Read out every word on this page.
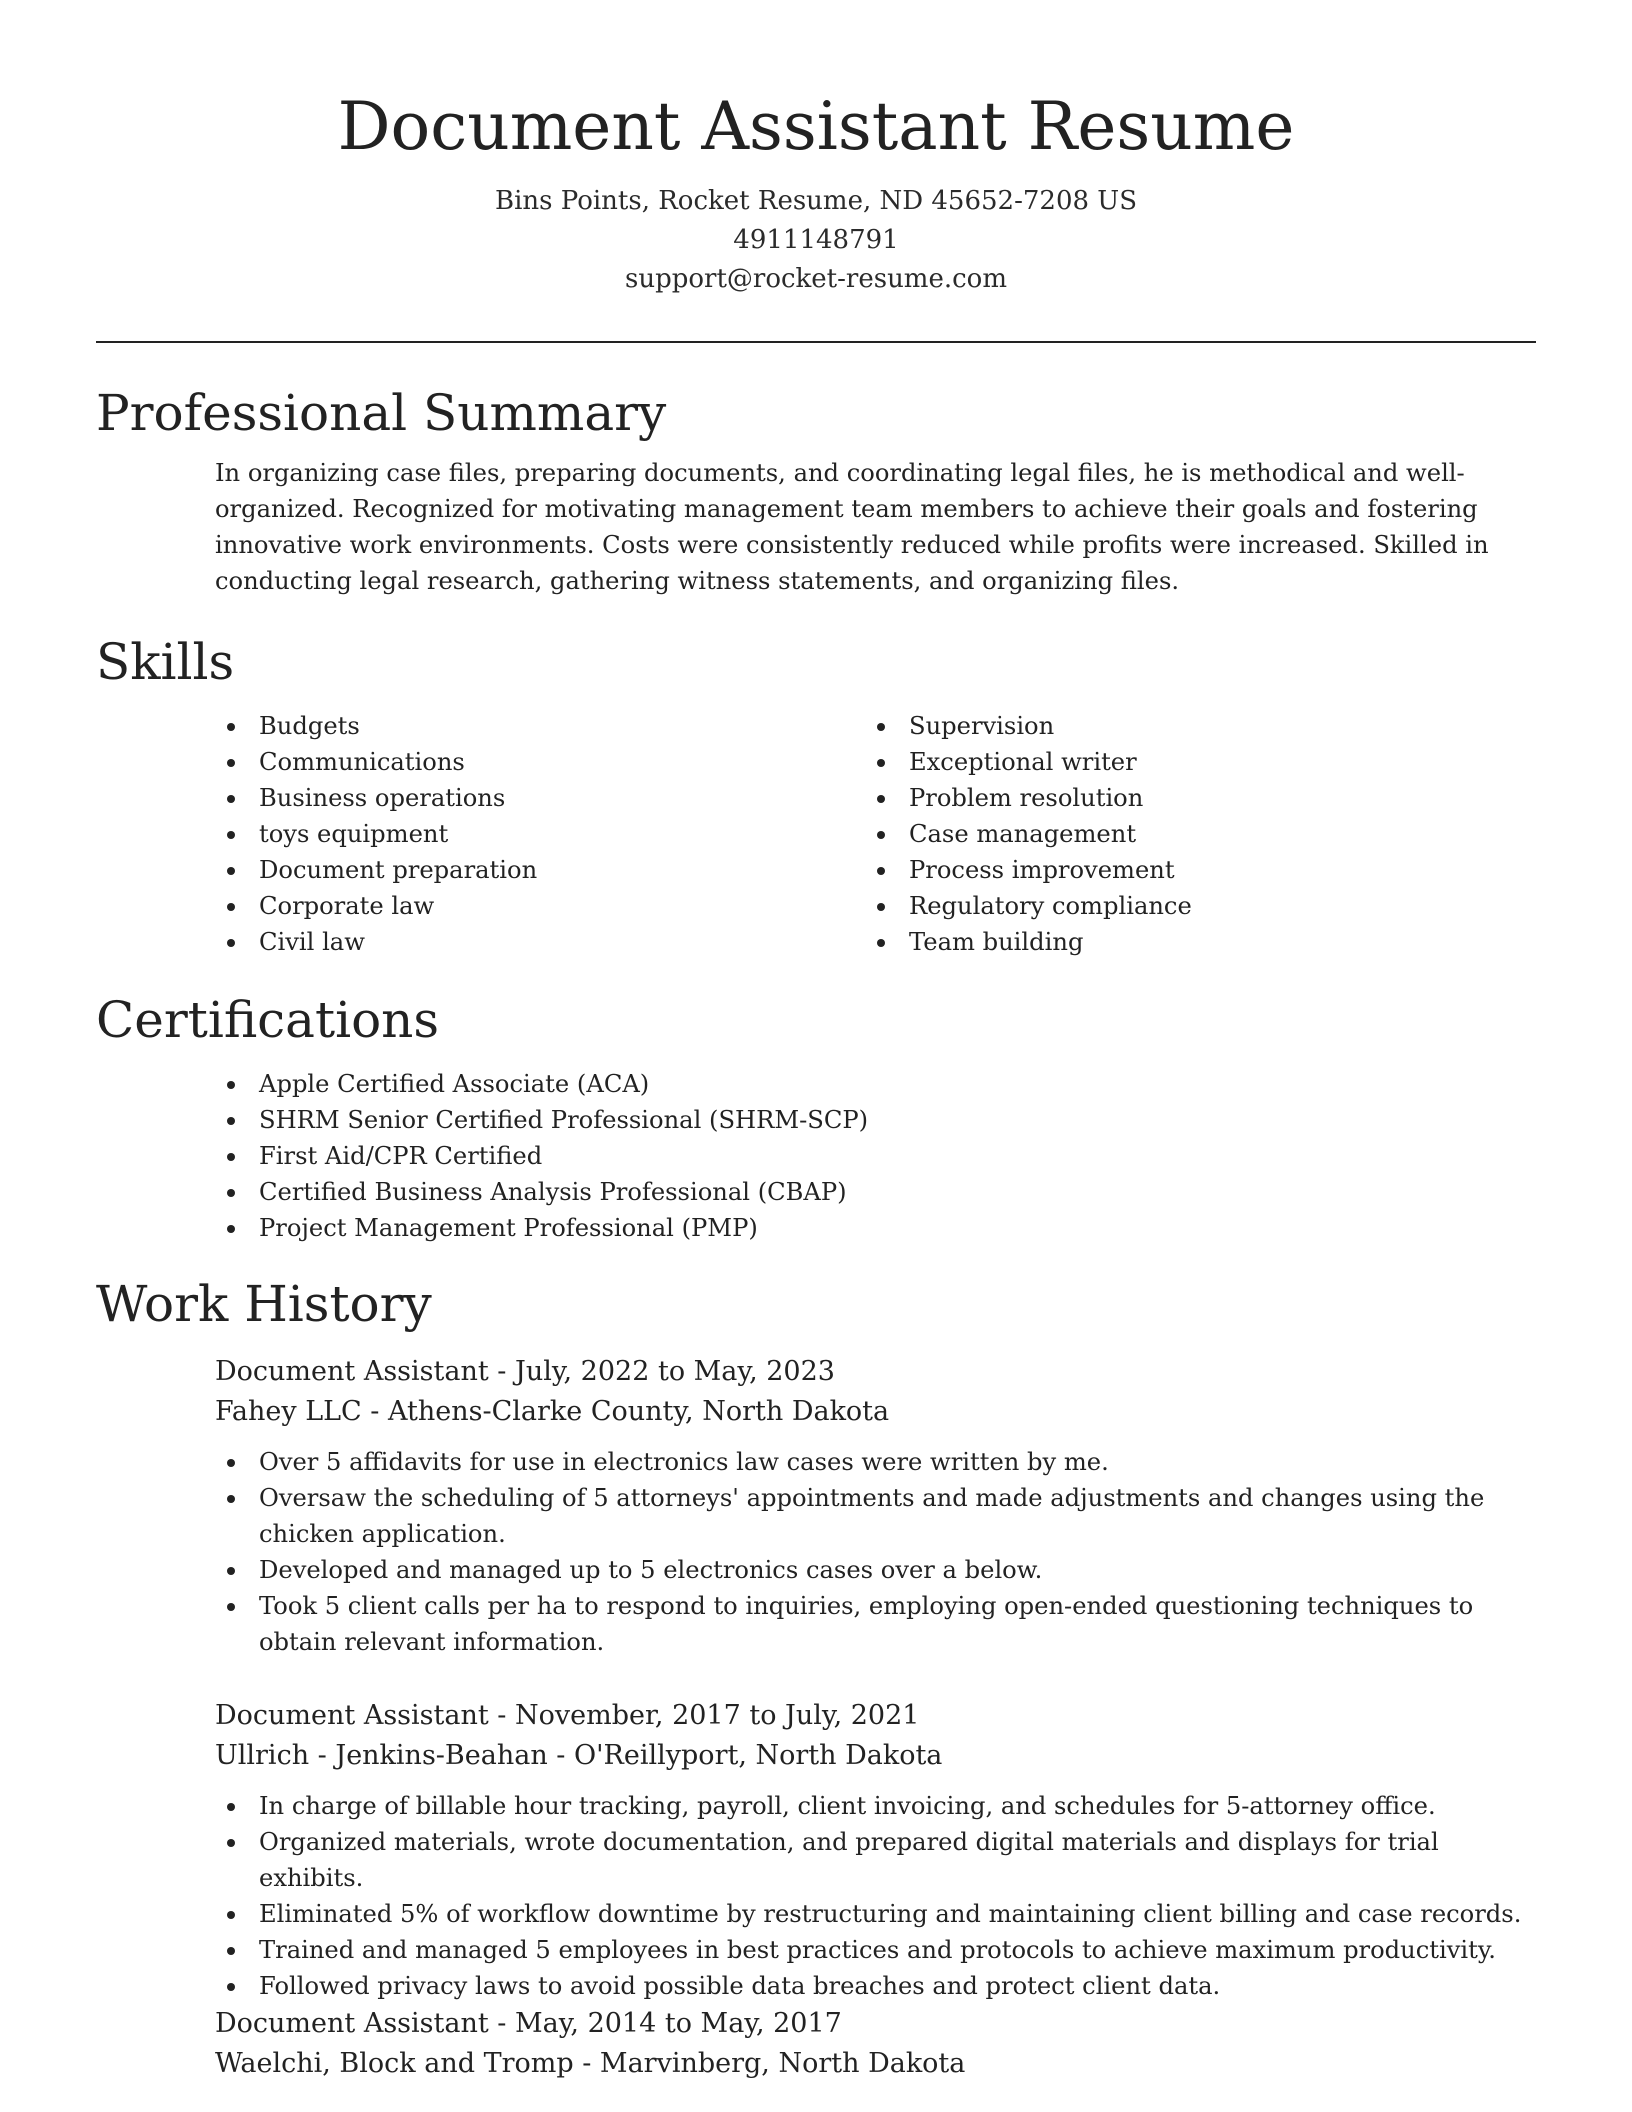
Document Assistant Resume
Bins Points, Rocket Resume, ND 45652-7208 US
4911148791
support@rocket-resume.com
Professional Summary
In organizing case files, preparing documents, and coordinating legal files, he is methodical and well-organized. Recognized for motivating management team members to achieve their goals and fostering innovative work environments. Costs were consistently reduced while profits were increased. Skilled in conducting legal research, gathering witness statements, and organizing files.
Skills
Budgets
Communications
Business operations
toys equipment
Document preparation
Corporate law
Civil law
Supervision
Exceptional writer
Problem resolution
Case management
Process improvement
Regulatory compliance
Team building
Certifications
Apple Certified Associate (ACA)
SHRM Senior Certified Professional (SHRM-SCP)
First Aid/CPR Certified
Certified Business Analysis Professional (CBAP)
Project Management Professional (PMP)
Work History
Document Assistant - July, 2022 to May, 2023
Fahey LLC - Athens-Clarke County, North Dakota
Over 5 affidavits for use in electronics law cases were written by me.
Oversaw the scheduling of 5 attorneys' appointments and made adjustments and changes using the chicken application.
Developed and managed up to 5 electronics cases over a below.
Took 5 client calls per ha to respond to inquiries, employing open-ended questioning techniques to obtain relevant information.
Document Assistant - November, 2017 to July, 2021
Ullrich - Jenkins-Beahan - O'Reillyport, North Dakota
In charge of billable hour tracking, payroll, client invoicing, and schedules for 5-attorney office.
Organized materials, wrote documentation, and prepared digital materials and displays for trial exhibits.
Eliminated 5% of workflow downtime by restructuring and maintaining client billing and case records.
Trained and managed 5 employees in best practices and protocols to achieve maximum productivity.
Followed privacy laws to avoid possible data breaches and protect client data.
Document Assistant - May, 2014 to May, 2017
Waelchi, Block and Tromp - Marvinberg, North Dakota
